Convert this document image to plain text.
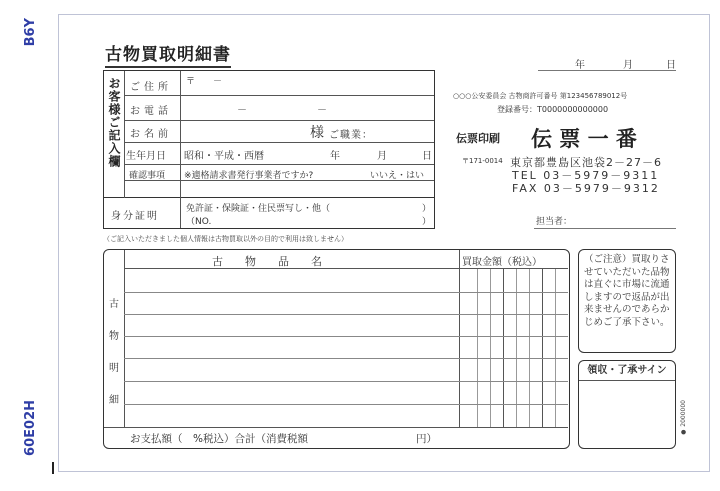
B6Y
60E02H
古物買取明細書
年	月	日
お客様ご記入欄 ご住所 〒　　－
お電話	－　　　　　　　－
お名前	様 ご職業：
生年月日 昭和・平成・西暦	年	月	日
確認事項 ※適格請求書発行事業者ですか?	いいえ・はい
身分証明
免許証・保険証・住民票写し・他（	）
（NO.	）
（ご記入いただきました個人情報は古物買取以外の目的で利用は致しません）
○○○公安委員会 古物商許可番号 第123456789012号
登録番号：T0000000000000
伝票印刷 伝 票 一 番
〒171-0014 東京都豊島区池袋2－27－6
TEL 03－5979－9311
FAX 03－5979－9312
担当者：
古　　物　　品　　名	買取金額（税込）
古
物
明
細
お支払額（　%税込）合計（消費税額	円）
（ご注意）買取りさせていただいた品物は直ぐに市場に流通しますので返品が出来ませんのであらかじめご了承下さい。
領収・了承サイン
● 2000000
